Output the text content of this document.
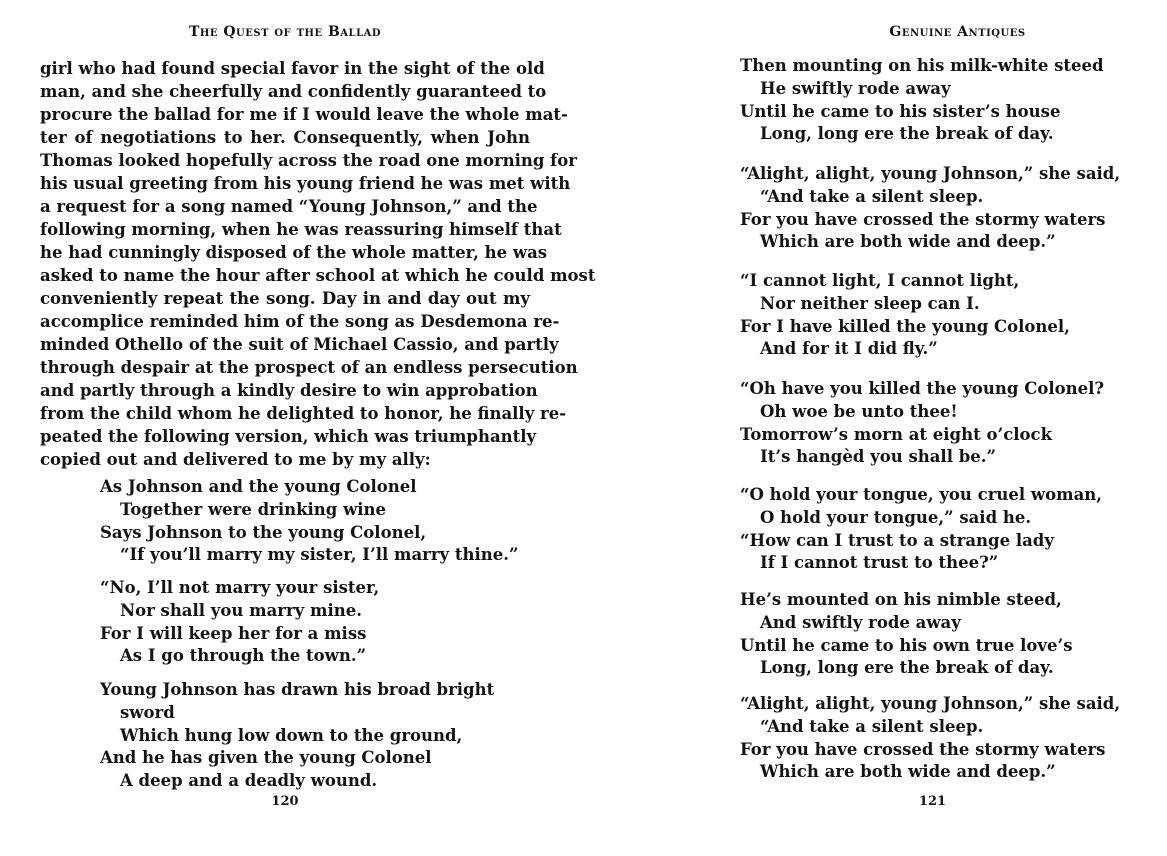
The Quest of the Ballad

girl who had found special favor in the sight of the old
man, and she cheerfully and confidently guaranteed to
procure the ballad for me if I would leave the whole mat-
ter of negotiations to her. Consequently, when John
Thomas looked hopefully across the road one morning for
his usual greeting from his young friend he was met with
a request for a song named “Young Johnson,” and the
following morning, when he was reassuring himself that
he had cunningly disposed of the whole matter, he was
asked to name the hour after school at which he could most
conveniently repeat the song. Day in and day out my
accomplice reminded him of the song as Desdemona re-
minded Othello of the suit of Michael Cassio, and partly
through despair at the prospect of an endless persecution
and partly through a kindly desire to win approbation
from the child whom he delighted to honor, he finally re-
peated the following version, which was triumphantly
copied out and delivered to me by my ally:

As Johnson and the young Colonel
Together were drinking wine
Says Johnson to the young Colonel,
“If you’ll marry my sister, I’ll marry thine.”
“No, I’ll not marry your sister,
Nor shall you marry mine.
For I will keep her for a miss
As I go through the town.”
Young Johnson has drawn his broad bright
sword
Which hung low down to the ground,
And he has given the young Colonel
A deep and a deadly wound.
120
Genuine Antiques
Then mounting on his milk-white steed
He swiftly rode away
Until he came to his sister’s house
Long, long ere the break of day.
“Alight, alight, young Johnson,” she said,
“And take a silent sleep.
For you have crossed the stormy waters
Which are both wide and deep.”
“I cannot light, I cannot light,
Nor neither sleep can I.
For I have killed the young Colonel,
And for it I did fly.”
“Oh have you killed the young Colonel?
Oh woe be unto thee!
Tomorrow’s morn at eight o’clock
It’s hangèd you shall be.”
“O hold your tongue, you cruel woman,
O hold your tongue,” said he.
“How can I trust to a strange lady
If I cannot trust to thee?”
He’s mounted on his nimble steed,
And swiftly rode away
Until he came to his own true love’s
Long, long ere the break of day.
“Alight, alight, young Johnson,” she said,
“And take a silent sleep.
For you have crossed the stormy waters
Which are both wide and deep.”
121
